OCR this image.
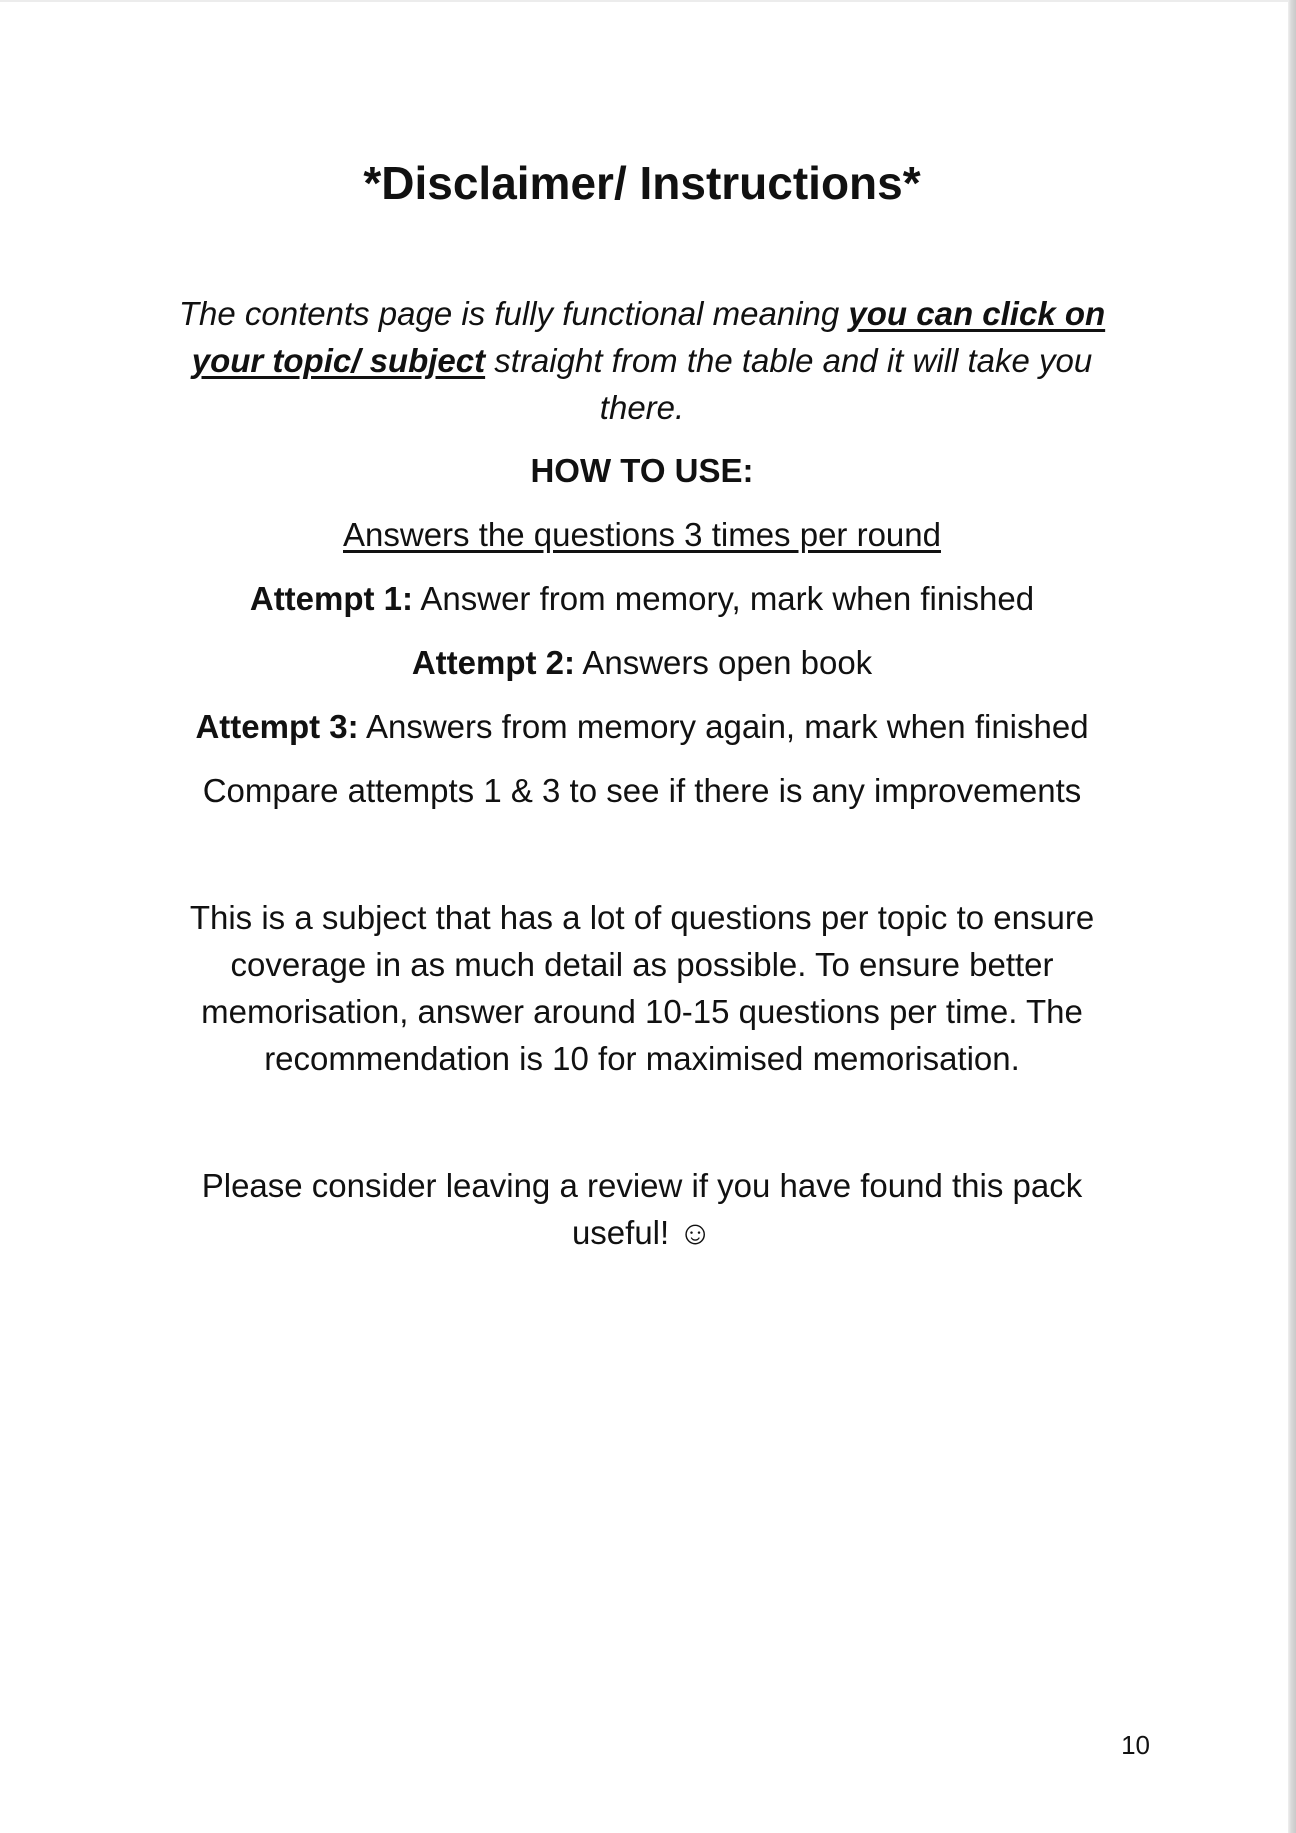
*Disclaimer/ Instructions*

The contents page is fully functional meaning you can click on your topic/ subject straight from the table and it will take you there.

HOW TO USE:

Answers the questions 3 times per round

Attempt 1: Answer from memory, mark when finished

Attempt 2: Answers open book

Attempt 3: Answers from memory again, mark when finished

Compare attempts 1 & 3 to see if there is any improvements

This is a subject that has a lot of questions per topic to ensure coverage in as much detail as possible. To ensure better memorisation, answer around 10-15 questions per time. The recommendation is 10 for maximised memorisation.

Please consider leaving a review if you have found this pack useful! ☺

10
